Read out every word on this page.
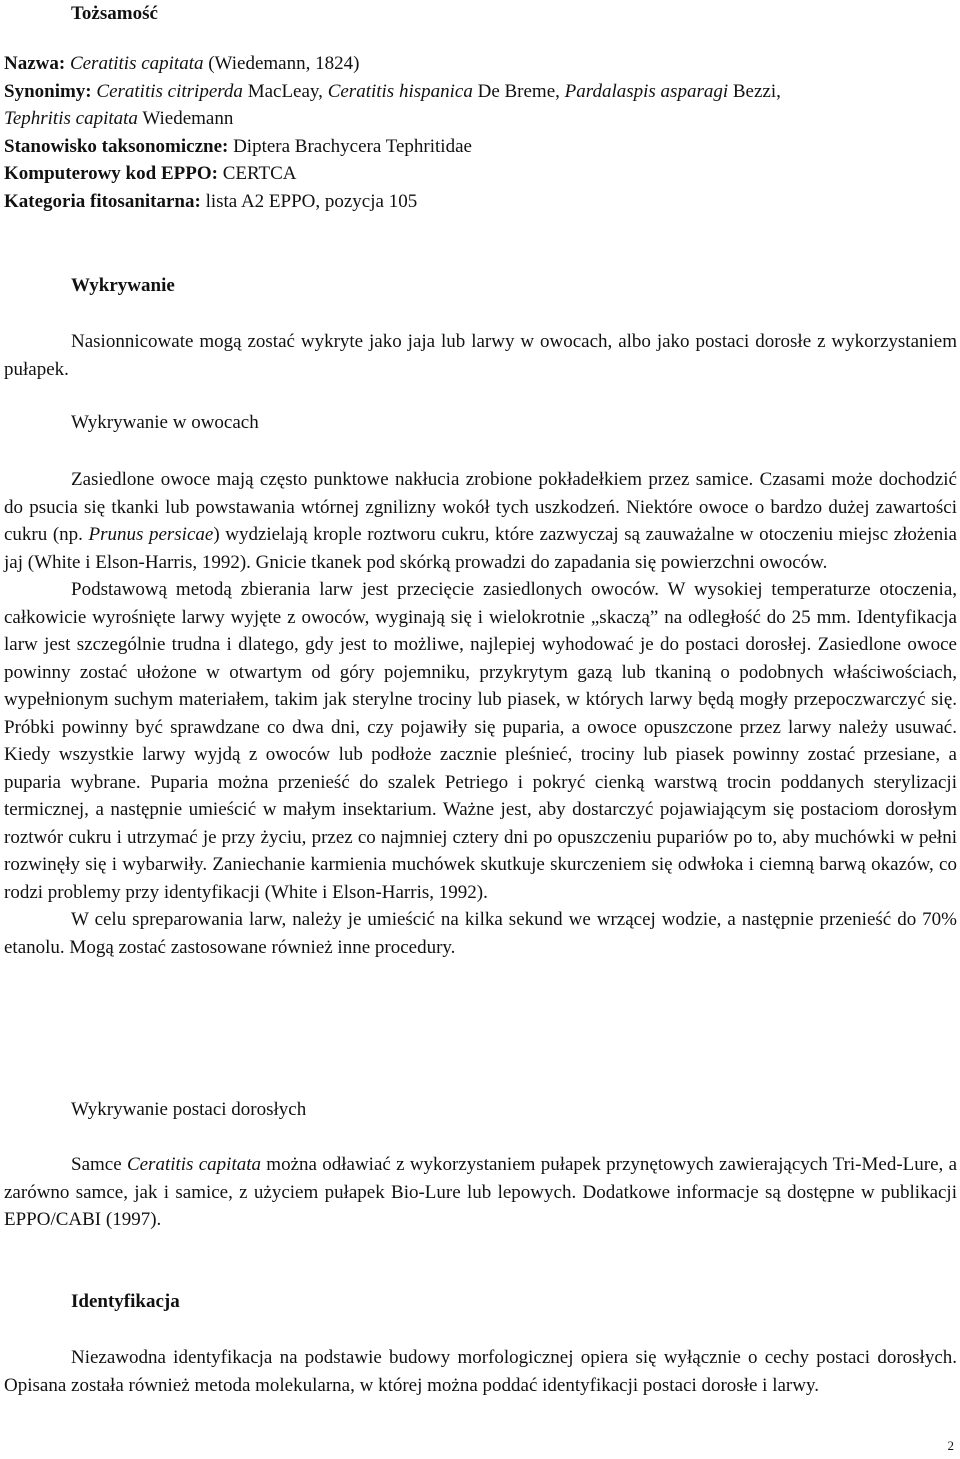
Tożsamość

Nazwa: Ceratitis capitata (Wiedemann, 1824)

Synonimy: Ceratitis citriperda MacLeay, Ceratitis hispanica De Breme, Pardalaspis asparagi Bezzi,

Tephritis capitata Wiedemann

Stanowisko taksonomiczne: Diptera Brachycera Tephritidae

Komputerowy kod EPPO: CERTCA

Kategoria fitosanitarna: lista A2 EPPO, pozycja 105

Wykrywanie

Nasionnicowate mogą zostać wykryte jako jaja lub larwy w owocach, albo jako postaci dorosłe z wykorzystaniem pułapek.

Wykrywanie w owocach

Zasiedlone owoce mają często punktowe nakłucia zrobione pokładełkiem przez samice. Czasami może dochodzić do psucia się tkanki lub powstawania wtórnej zgnilizny wokół tych uszkodzeń. Niektóre owoce o bardzo dużej zawartości cukru (np. Prunus persicae) wydzielają krople roztworu cukru, które zazwyczaj są zauważalne w otoczeniu miejsc złożenia jaj (White i Elson-Harris, 1992). Gnicie tkanek pod skórką prowadzi do zapadania się powierzchni owoców.

Podstawową metodą zbierania larw jest przecięcie zasiedlonych owoców. W wysokiej temperaturze otoczenia, całkowicie wyrośnięte larwy wyjęte z owoców, wyginają się i wielokrotnie „skaczą” na odległość do 25 mm. Identyfikacja larw jest szczególnie trudna i dlatego, gdy jest to możliwe, najlepiej wyhodować je do postaci dorosłej. Zasiedlone owoce powinny zostać ułożone w otwartym od góry pojemniku, przykrytym gazą lub tkaniną o podobnych właściwościach, wypełnionym suchym materiałem, takim jak sterylne trociny lub piasek, w których larwy będą mogły przepoczwarczyć się. Próbki powinny być sprawdzane co dwa dni, czy pojawiły się puparia, a owoce opuszczone przez larwy należy usuwać. Kiedy wszystkie larwy wyjdą z owoców lub podłoże zacznie pleśnieć, trociny lub piasek powinny zostać przesiane, a puparia wybrane. Puparia można przenieść do szalek Petriego i pokryć cienką warstwą trocin poddanych sterylizacji termicznej, a następnie umieścić w małym insektarium. Ważne jest, aby dostarczyć pojawiającym się postaciom dorosłym roztwór cukru i utrzymać je przy życiu, przez co najmniej cztery dni po opuszczeniu pupariów po to, aby muchówki w pełni rozwinęły się i wybarwiły. Zaniechanie karmienia muchówek skutkuje skurczeniem się odwłoka i ciemną barwą okazów, co rodzi problemy przy identyfikacji (White i Elson-Harris, 1992).

W celu spreparowania larw, należy je umieścić na kilka sekund we wrzącej wodzie, a następnie przenieść do 70% etanolu. Mogą zostać zastosowane również inne procedury.

Wykrywanie postaci dorosłych

Samce Ceratitis capitata można odławiać z wykorzystaniem pułapek przynętowych zawierających Tri-Med-Lure, a zarówno samce, jak i samice, z użyciem pułapek Bio-Lure lub lepowych. Dodatkowe informacje są dostępne w publikacji EPPO/CABI (1997).

Identyfikacja

Niezawodna identyfikacja na podstawie budowy morfologicznej opiera się wyłącznie o cechy postaci dorosłych. Opisana została również metoda molekularna, w której można poddać identyfikacji postaci dorosłe i larwy.

2
